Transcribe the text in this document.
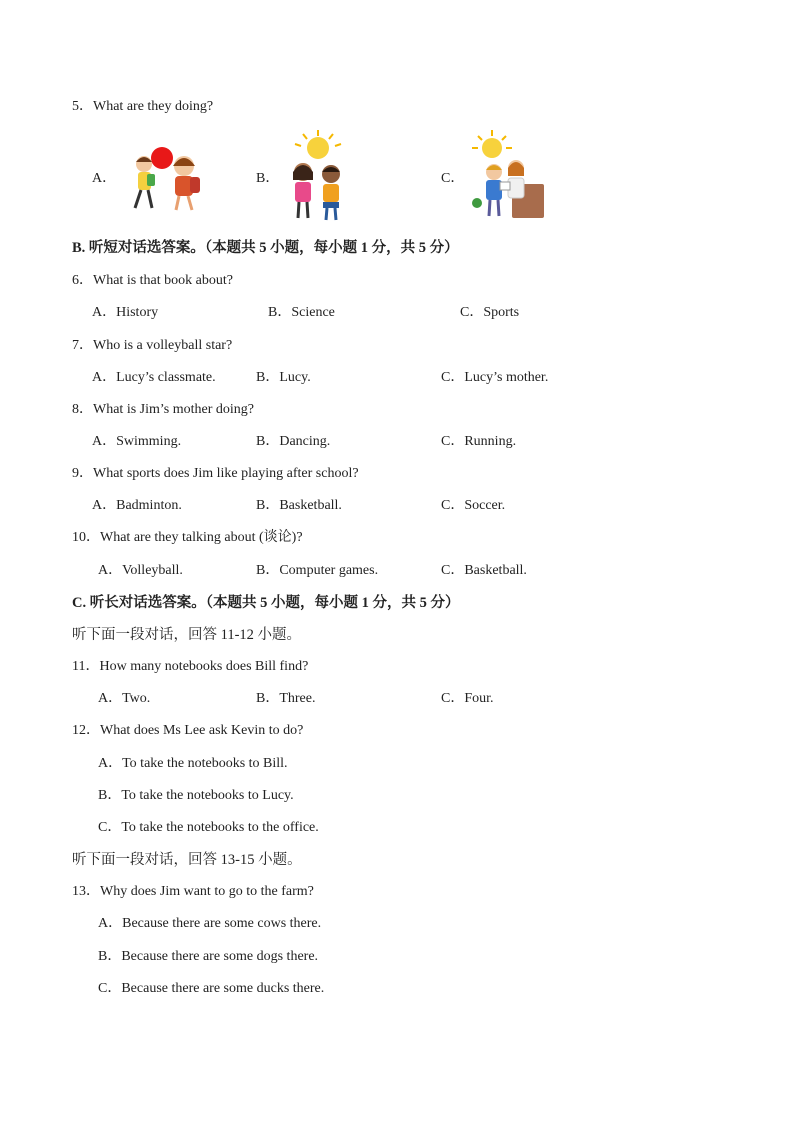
5．What are they doing?
A．	B．	C．
B. 听短对话选答案。（本题共 5 小题，每小题 1 分，共 5 分）
6．What is that book about?
A．History	B．Science	C．Sports
7．Who is a volleyball star?
A．Lucy’s classmate.	B．Lucy.	C．Lucy’s mother.
8．What is Jim’s mother doing?
A．Swimming.	B．Dancing.	C．Running.
9．What sports does Jim like playing after school?
A．Badminton.	B．Basketball.	C．Soccer.
10．What are they talking about (谈论)?
A．Volleyball.	B．Computer games.	C．Basketball.
C. 听长对话选答案。（本题共 5 小题，每小题 1 分，共 5 分）
听下面一段对话，回答 11-12 小题。
11．How many notebooks does Bill find?
A．Two.	B．Three.	C．Four.
12．What does Ms Lee ask Kevin to do?
A．To take the notebooks to Bill.
B．To take the notebooks to Lucy.
C．To take the notebooks to the office.
听下面一段对话，回答 13-15 小题。
13．Why does Jim want to go to the farm?
A．Because there are some cows there.
B．Because there are some dogs there.
C．Because there are some ducks there.
